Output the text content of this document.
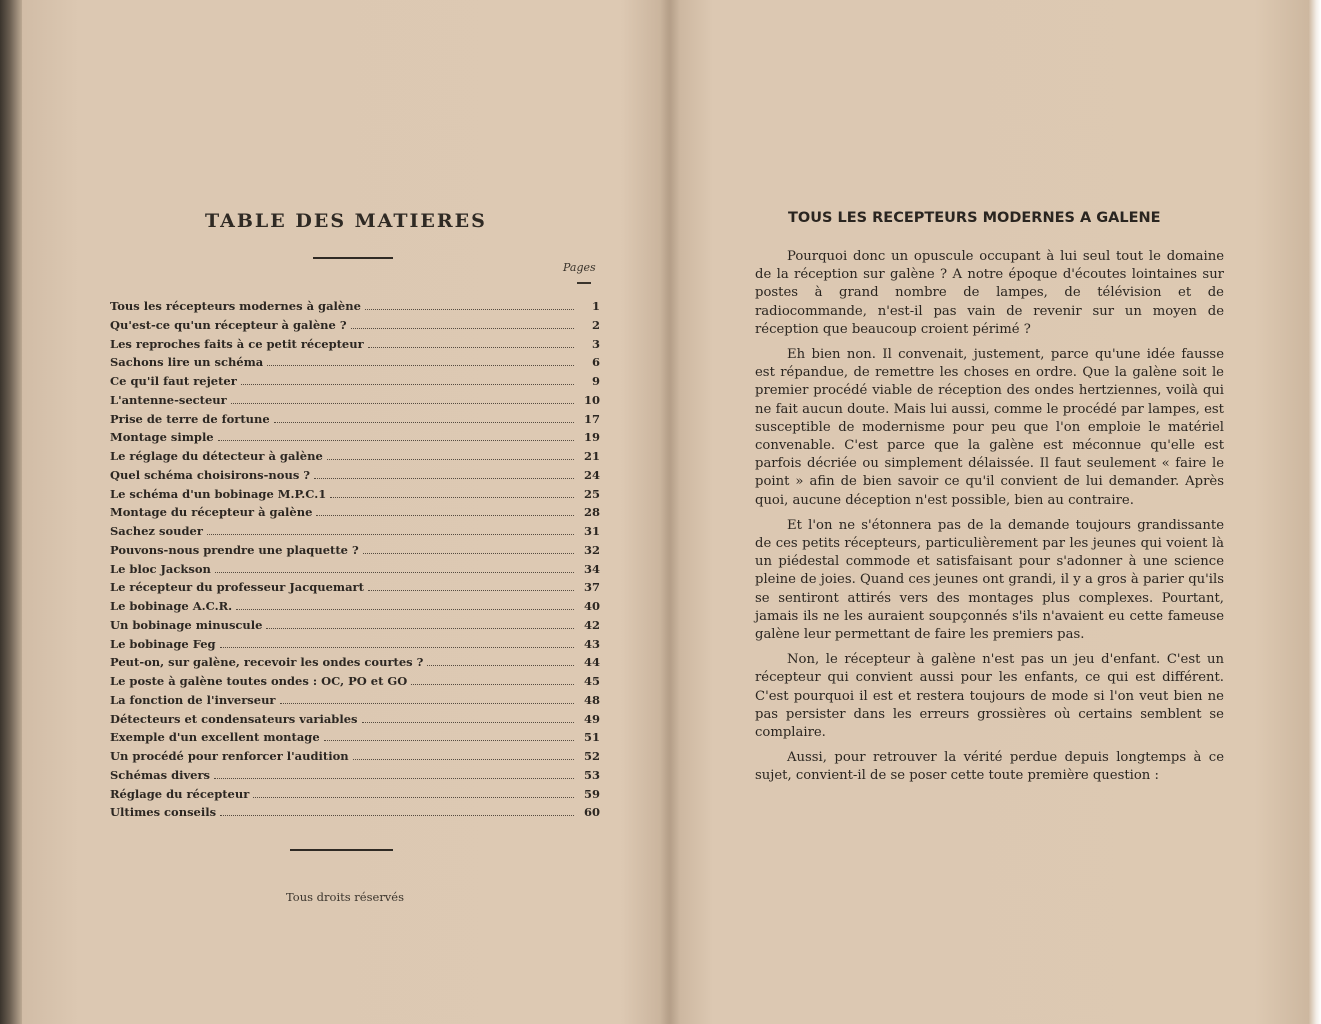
TABLE DES MATIERES
Pages
Tous les récepteurs modernes à galène	1
Qu'est-ce qu'un récepteur à galène ?	2
Les reproches faits à ce petit récepteur	3
Sachons lire un schéma	6
Ce qu'il faut rejeter	9
L'antenne-secteur	10
Prise de terre de fortune	17
Montage simple	19
Le réglage du détecteur à galène	21
Quel schéma choisirons-nous ?	24
Le schéma d'un bobinage M.P.C.1	25
Montage du récepteur à galène	28
Sachez souder	31
Pouvons-nous prendre une plaquette ?	32
Le bloc Jackson	34
Le récepteur du professeur Jacquemart	37
Le bobinage A.C.R.	40
Un bobinage minuscule	42
Le bobinage Feg	43
Peut-on, sur galène, recevoir les ondes courtes ?	44
Le poste à galène toutes ondes : OC, PO et GO	45
La fonction de l'inverseur	48
Détecteurs et condensateurs variables	49
Exemple d'un excellent montage	51
Un procédé pour renforcer l'audition	52
Schémas divers	53
Réglage du récepteur	59
Ultimes conseils	60
Tous droits réservés
TOUS LES RECEPTEURS MODERNES A GALENE

Pourquoi donc un opuscule occupant à lui seul tout le domaine de la réception sur galène ? A notre époque d'écoutes lointaines sur postes à grand nombre de lampes, de télévision et de radiocommande, n'est-il pas vain de revenir sur un moyen de réception que beaucoup croient périmé ?

Eh bien non. Il convenait, justement, parce qu'une idée fausse est répandue, de remettre les choses en ordre. Que la galène soit le premier procédé viable de réception des ondes hertziennes, voilà qui ne fait aucun doute. Mais lui aussi, comme le procédé par lampes, est susceptible de modernisme pour peu que l'on emploie le matériel convenable. C'est parce que la galène est méconnue qu'elle est parfois décriée ou simplement délaissée. Il faut seulement « faire le point » afin de bien savoir ce qu'il convient de lui demander. Après quoi, aucune déception n'est possible, bien au contraire.

Et l'on ne s'étonnera pas de la demande toujours grandissante de ces petits récepteurs, particulièrement par les jeunes qui voient là un piédestal commode et satisfaisant pour s'adonner à une science pleine de joies. Quand ces jeunes ont grandi, il y a gros à parier qu'ils se sentiront attirés vers des montages plus complexes. Pourtant, jamais ils ne les auraient soupçonnés s'ils n'avaient eu cette fameuse galène leur permettant de faire les premiers pas.

Non, le récepteur à galène n'est pas un jeu d'enfant. C'est un récepteur qui convient aussi pour les enfants, ce qui est différent. C'est pourquoi il est et restera toujours de mode si l'on veut bien ne pas persister dans les erreurs grossières où certains semblent se complaire.

Aussi, pour retrouver la vérité perdue depuis longtemps à ce sujet, convient-il de se poser cette toute première question :
